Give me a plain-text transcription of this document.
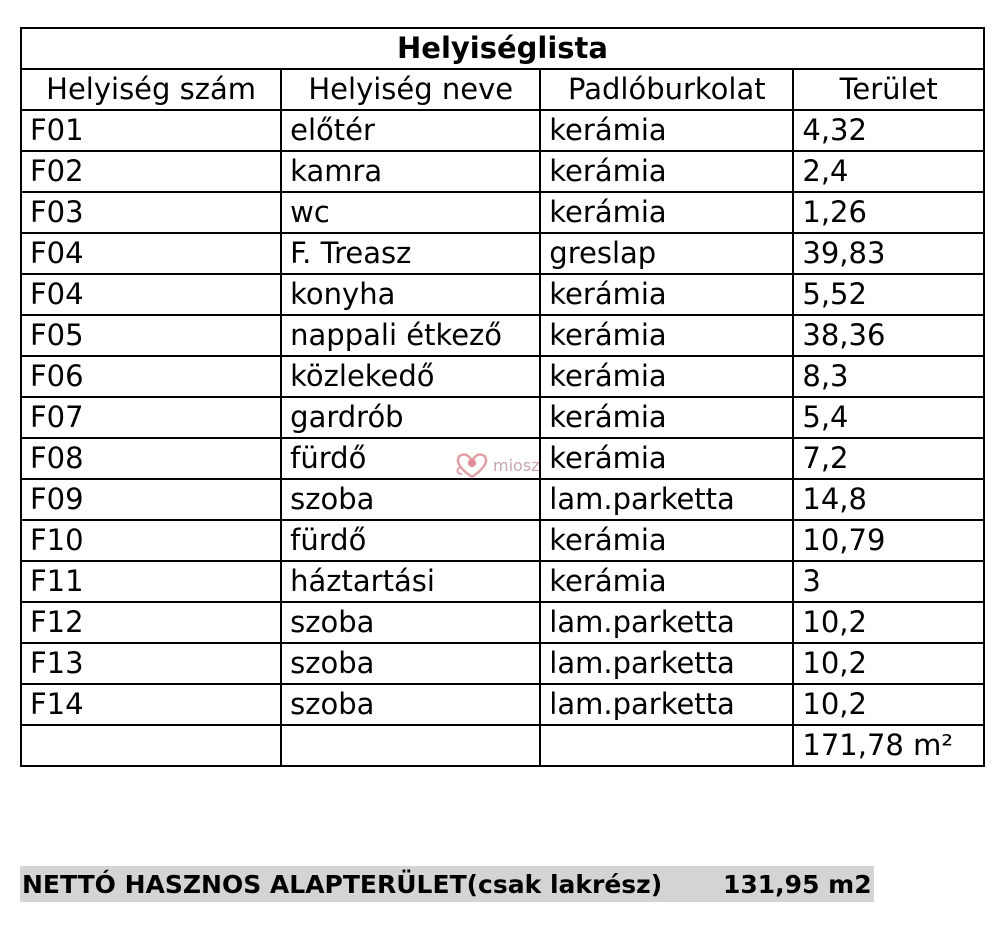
Helyiséglista			
Helyiség szám	Helyiség neve	Padlóburkolat	Terület
F01	előtér	kerámia	4,32
F02	kamra	kerámia	2,4
F03	wc	kerámia	1,26
F04	F. Treasz	greslap	39,83
F04	konyha	kerámia	5,52
F05	nappali étkező	kerámia	38,36
F06	közlekedő	kerámia	8,3
F07	gardrób	kerámia	5,4
F08	fürdő	kerámia	7,2
F09	szoba	lam.parketta	14,8
F10	fürdő	kerámia	10,79
F11	háztartási	kerámia	3
F12	szoba	lam.parketta	10,2
F13	szoba	lam.parketta	10,2
F14	szoba	lam.parketta	10,2
			171,78 m²
miosz
NETTÓ HASZNOS ALAPTERÜLET(csak lakrész) 131,95 m2
